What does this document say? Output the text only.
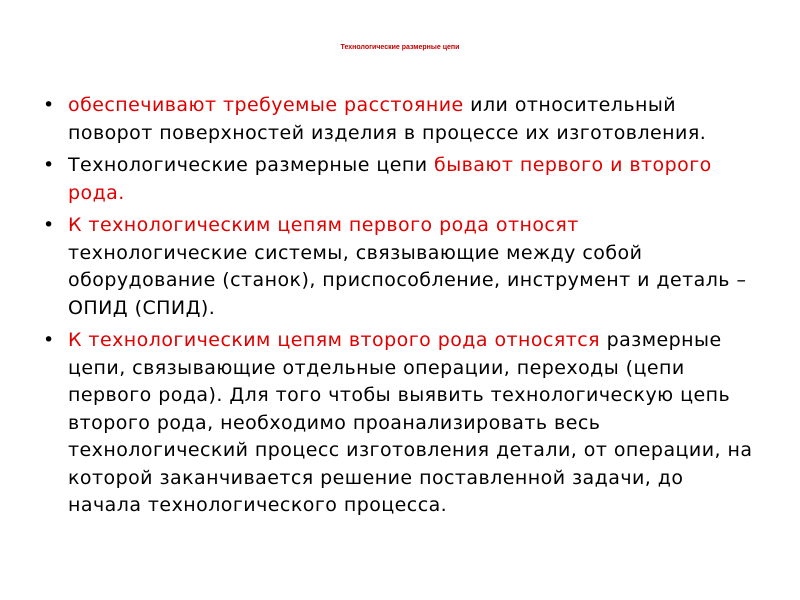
Технологические размерные цепи
• обеспечивают требуемые расстояние или относительный поворот поверхностей изделия в процессе их изготовления.
• Технологические размерные цепи бывают первого и второго рода.
• К технологическим цепям первого рода относят технологические системы, связывающие между собой оборудование (станок), приспособление, инструмент и деталь – ОПИД (СПИД).
• К технологическим цепям второго рода относятся размерные цепи, связывающие отдельные операции, переходы (цепи первого рода). Для того чтобы выявить технологическую цепь второго рода, необходимо проанализировать весь технологический процесс изготовления детали, от операции, на которой заканчивается решение поставленной задачи, до начала технологического процесса.
